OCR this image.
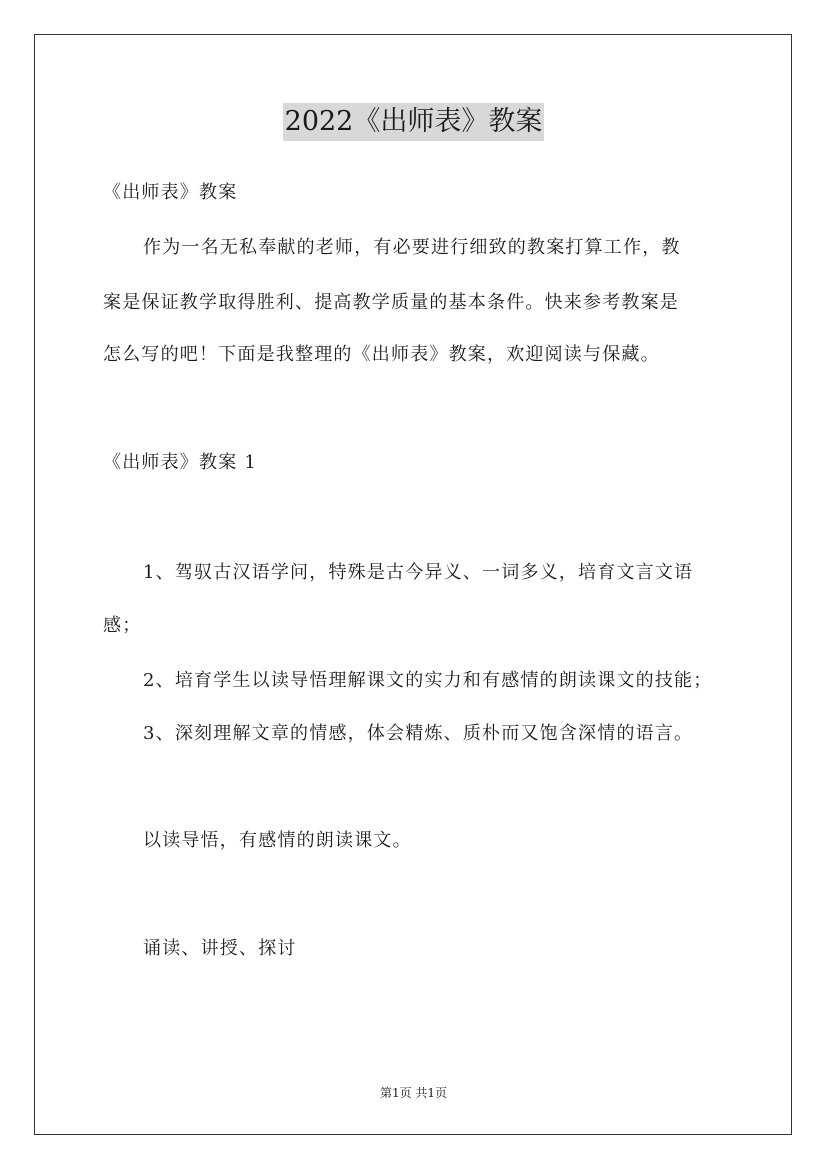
2022《出师表》教案
《出师表》教案
作为一名无私奉献的老师，有必要进行细致的教案打算工作，教
案是保证教学取得胜利、提高教学质量的基本条件。快来参考教案是
怎么写的吧！下面是我整理的《出师表》教案，欢迎阅读与保藏。
《出师表》教案 1
1、驾驭古汉语学问，特殊是古今异义、一词多义，培育文言文语
感；
2、培育学生以读导悟理解课文的实力和有感情的朗读课文的技能；
3、深刻理解文章的情感，体会精炼、质朴而又饱含深情的语言。
以读导悟，有感情的朗读课文。
诵读、讲授、探讨
第1页 共1页
